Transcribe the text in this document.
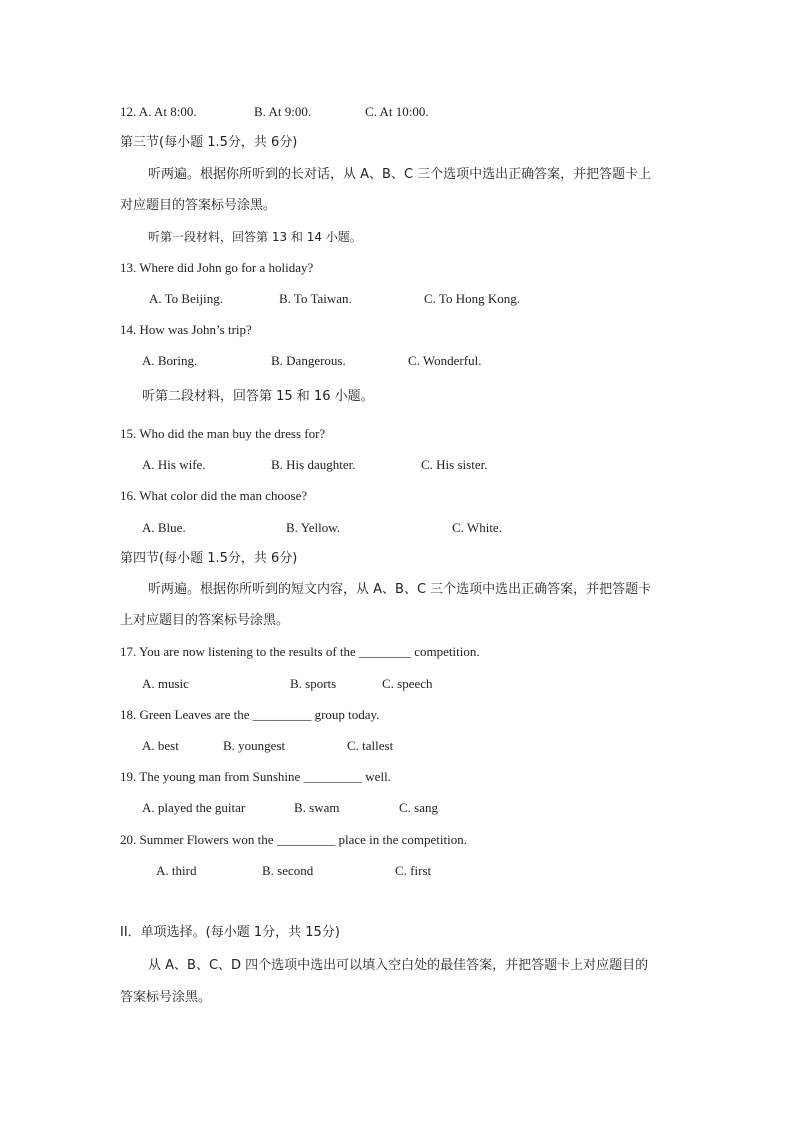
12. A. At 8:00.	B. At 9:00.	C. At 10:00.
第三节(每小题 1.5分，共 6分)
听两遍。根据你所听到的长对话，从 A、B、C 三个选项中选出正确答案，并把答题卡上
对应题目的答案标号涂黑。
听第一段材料，回答第 13 和 14 小题。
13. Where did John go for a holiday?
A. To Beijing.	B. To Taiwan.	C. To Hong Kong.
14. How was John’s trip?
A. Boring.	B. Dangerous.	C. Wonderful.
听第二段材料，回答第 15 和 16 小题。
15. Who did the man buy the dress for?
A. His wife.	B. His daughter.	C. His sister.
16. What color did the man choose?
A. Blue.	B. Yellow.	C. White.
第四节(每小题 1.5分，共 6分)
听两遍。根据你所听到的短文内容，从 A、B、C 三个选项中选出正确答案，并把答题卡
上对应题目的答案标号涂黑。
17. You are now listening to the results of the ________ competition.
A. music	B. sports	C. speech
18. Green Leaves are the _________ group today.
A. best	B. youngest	C. tallest
19. The young man from Sunshine _________ well.
A. played the guitar	B. swam	C. sang
20. Summer Flowers won the _________ place in the competition.
A. third	B. second	C. first
II．单项选择。(每小题 1分，共 15分)
从 A、B、C、D 四个选项中选出可以填入空白处的最佳答案，并把答题卡上对应题目的
答案标号涂黑。
